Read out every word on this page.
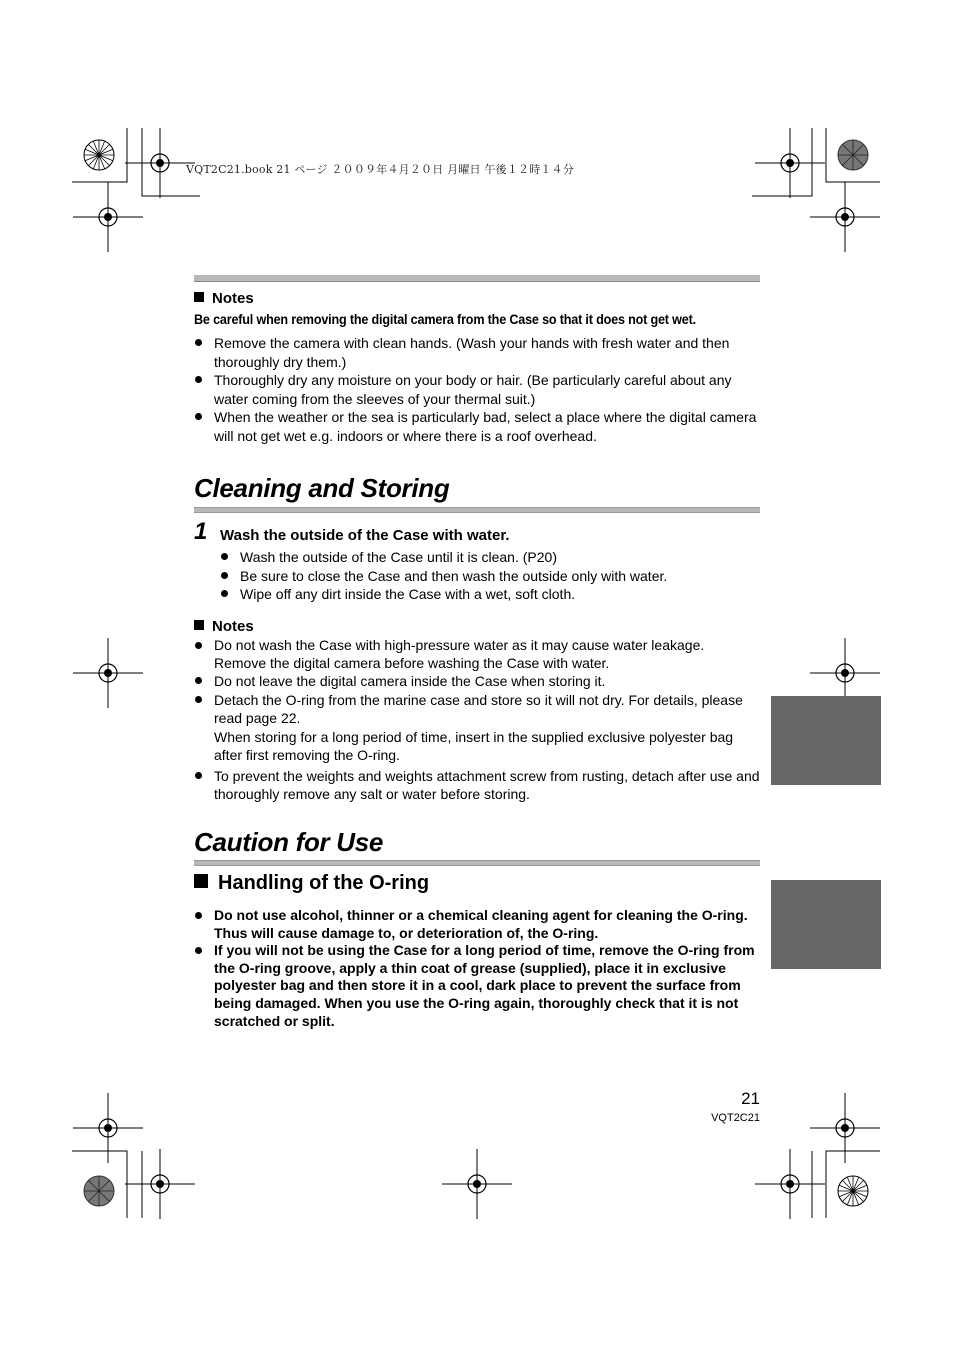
VQT2C21.book 21 ページ ２００９年４月２０日 月曜日 午後１２時１４分
Notes
Be careful when removing the digital camera from the Case so that it does not get wet.
Remove the camera with clean hands. (Wash your hands with fresh water and then thoroughly dry them.)
Thoroughly dry any moisture on your body or hair. (Be particularly careful about any water coming from the sleeves of your thermal suit.)
When the weather or the sea is particularly bad, select a place where the digital camera will not get wet e.g. indoors or where there is a roof overhead.
Cleaning and Storing
1 Wash the outside of the Case with water.
Wash the outside of the Case until it is clean. (P20)
Be sure to close the Case and then wash the outside only with water.
Wipe off any dirt inside the Case with a wet, soft cloth.
Notes
Do not wash the Case with high-pressure water as it may cause water leakage. Remove the digital camera before washing the Case with water.
Do not leave the digital camera inside the Case when storing it.
Detach the O-ring from the marine case and store so it will not dry. For details, please read page 22.
When storing for a long period of time, insert in the supplied exclusive polyester bag after first removing the O-ring.
To prevent the weights and weights attachment screw from rusting, detach after use and thoroughly remove any salt or water before storing.
Caution for Use
Handling of the O-ring
Do not use alcohol, thinner or a chemical cleaning agent for cleaning the O-ring. Thus will cause damage to, or deterioration of, the O-ring.
If you will not be using the Case for a long period of time, remove the O-ring from the O-ring groove, apply a thin coat of grease (supplied), place it in exclusive polyester bag and then store it in a cool, dark place to prevent the surface from being damaged. When you use the O-ring again, thoroughly check that it is not scratched or split.
21
VQT2C21
